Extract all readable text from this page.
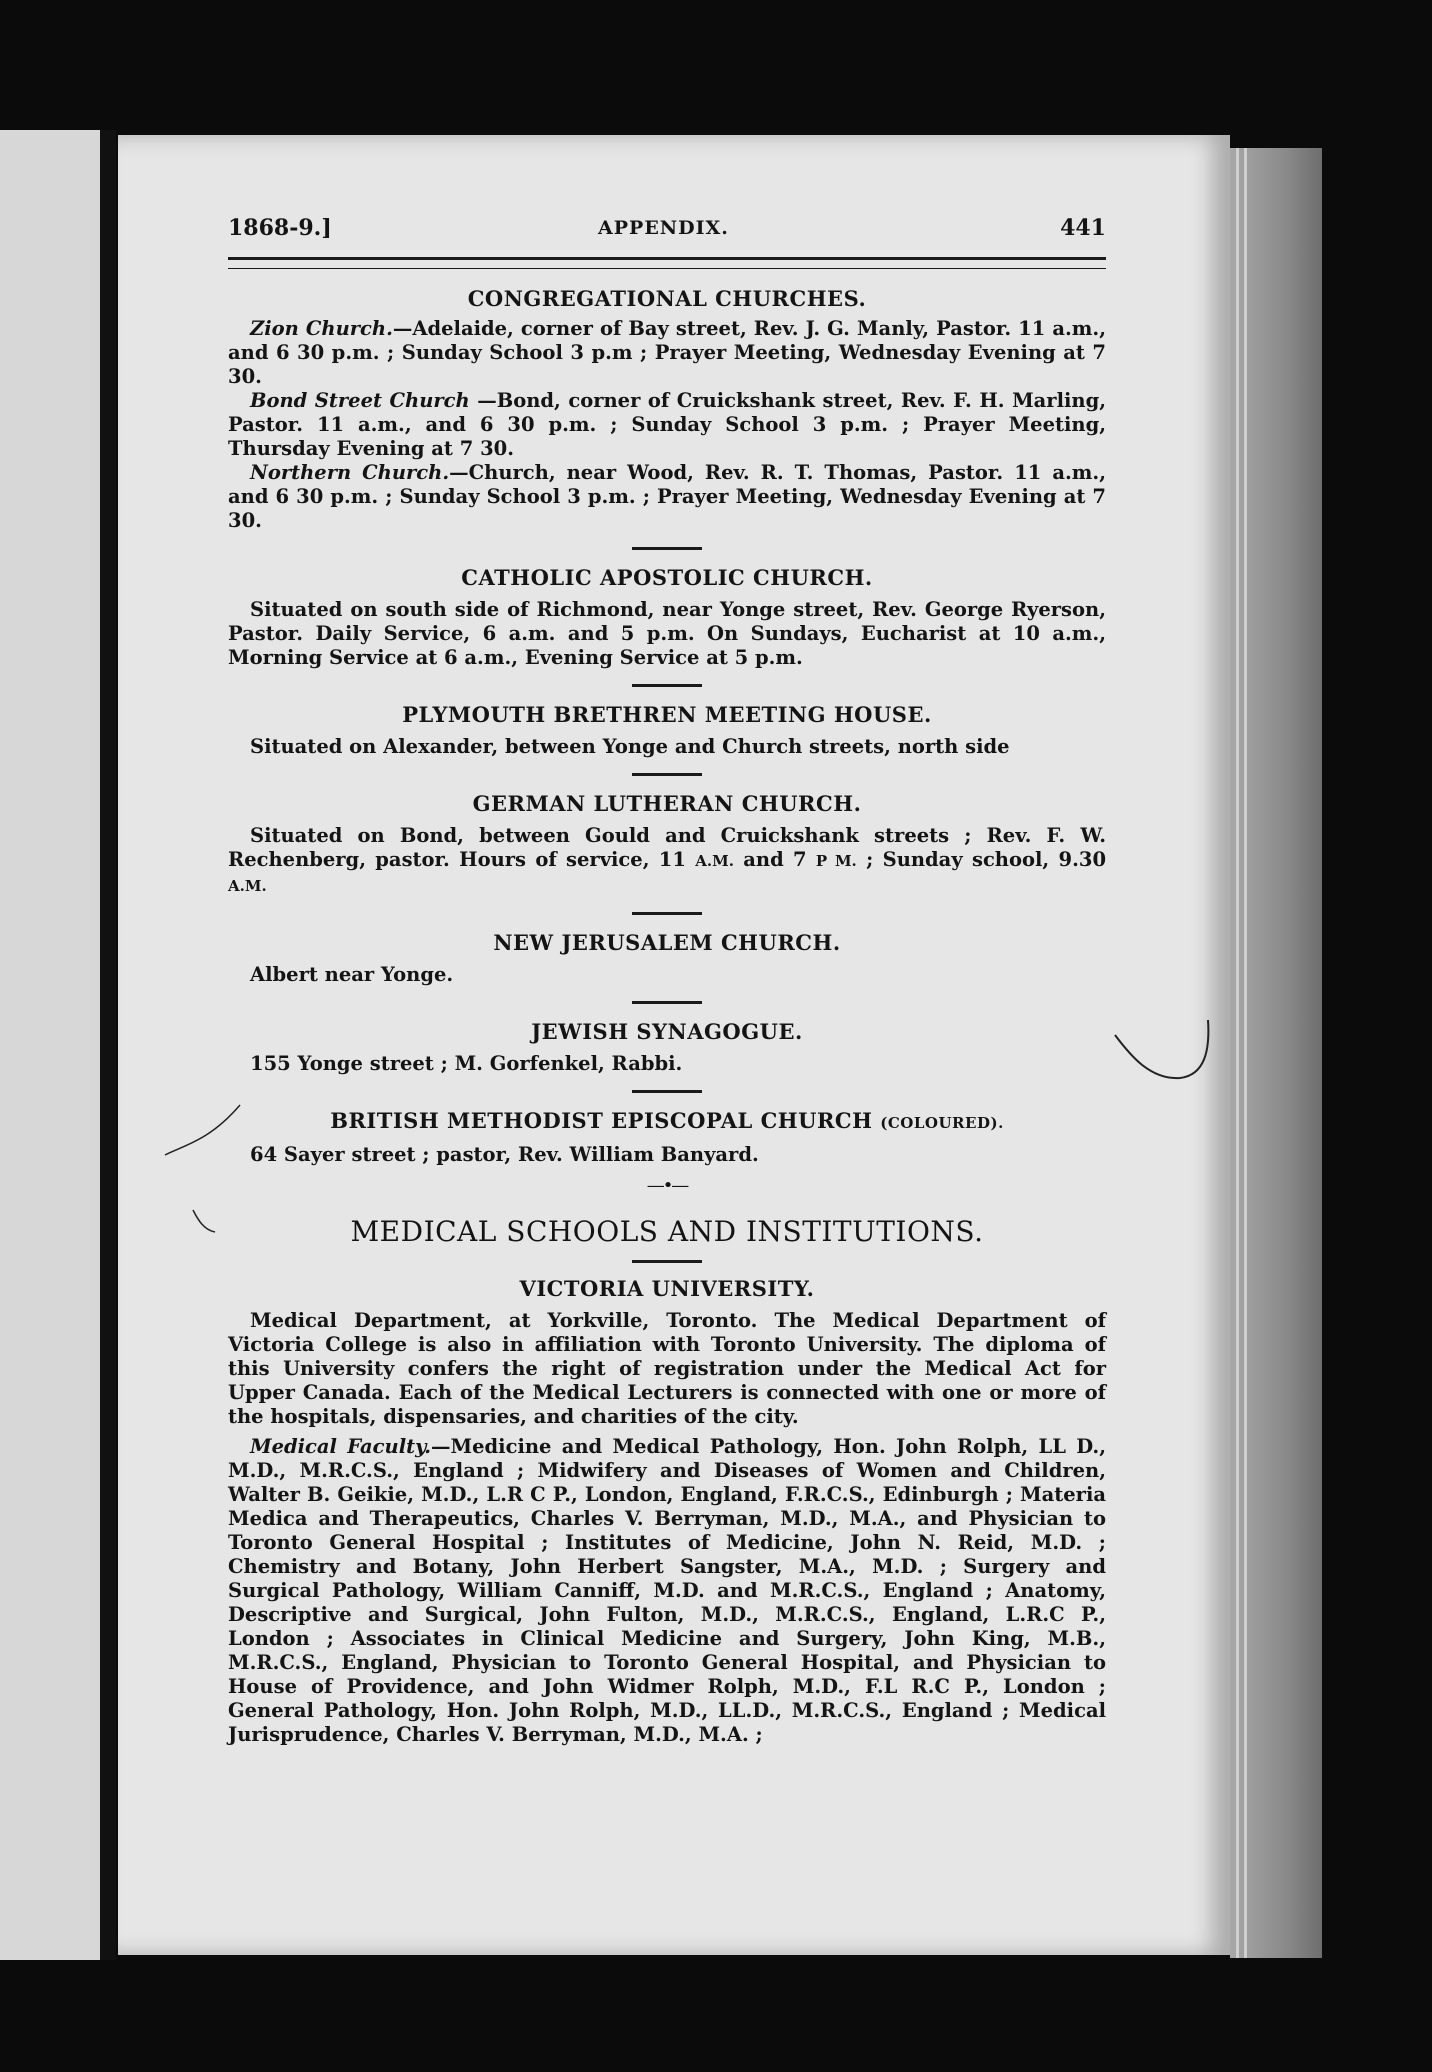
1868-9.]	APPENDIX.	441
CONGREGATIONAL CHURCHES.

Zion Church.—Adelaide, corner of Bay street, Rev. J. G. Manly, Pastor. 11 a.m., and 6 30 p.m. ; Sunday School 3 p.m ; Prayer Meeting, Wednesday Evening at 7 30.

Bond Street Church —Bond, corner of Cruickshank street, Rev. F. H. Marling, Pastor. 11 a.m., and 6 30 p.m. ; Sunday School 3 p.m. ; Prayer Meeting, Thursday Evening at 7 30.

Northern Church.—Church, near Wood, Rev. R. T. Thomas, Pastor. 11 a.m., and 6 30 p.m. ; Sunday School 3 p.m. ; Prayer Meeting, Wednesday Evening at 7 30.

CATHOLIC APOSTOLIC CHURCH.

Situated on south side of Richmond, near Yonge street, Rev. George Ryerson, Pastor. Daily Service, 6 a.m. and 5 p.m. On Sundays, Eucharist at 10 a.m., Morning Service at 6 a.m., Evening Service at 5 p.m.

PLYMOUTH BRETHREN MEETING HOUSE.

Situated on Alexander, between Yonge and Church streets, north side

GERMAN LUTHERAN CHURCH.

Situated on Bond, between Gould and Cruickshank streets ; Rev. F. W. Rechenberg, pastor. Hours of service, 11 A.M. and 7 P M. ; Sunday school, 9.30 A.M.

NEW JERUSALEM CHURCH.

Albert near Yonge.

JEWISH SYNAGOGUE.

155 Yonge street ; M. Gorfenkel, Rabbi.

BRITISH METHODIST EPISCOPAL CHURCH (COLOURED).

64 Sayer street ; pastor, Rev. William Banyard.

—•—
MEDICAL SCHOOLS AND INSTITUTIONS.
VICTORIA UNIVERSITY.

Medical Department, at Yorkville, Toronto. The Medical Department of Victoria College is also in affiliation with Toronto University. The diploma of this University confers the right of registration under the Medical Act for Upper Canada. Each of the Medical Lecturers is connected with one or more of the hospitals, dispensaries, and charities of the city.

Medical Faculty.—Medicine and Medical Pathology, Hon. John Rolph, LL D., M.D., M.R.C.S., England ; Midwifery and Diseases of Women and Children, Walter B. Geikie, M.D., L.R C P., London, England, F.R.C.S., Edinburgh ; Materia Medica and Therapeutics, Charles V. Berryman, M.D., M.A., and Physician to Toronto General Hospital ; Institutes of Medicine, John N. Reid, M.D. ; Chemistry and Botany, John Herbert Sangster, M.A., M.D. ; Surgery and Surgical Pathology, William Canniff, M.D. and M.R.C.S., England ; Anatomy, Descriptive and Surgical, John Fulton, M.D., M.R.C.S., England, L.R.C P., London ; Associates in Clinical Medicine and Surgery, John King, M.B., M.R.C.S., England, Physician to Toronto General Hospital, and Physician to House of Providence, and John Widmer Rolph, M.D., F.L R.C P., London ; General Pathology, Hon. John Rolph, M.D., LL.D., M.R.C.S., England ; Medical Jurisprudence, Charles V. Berryman, M.D., M.A. ;
